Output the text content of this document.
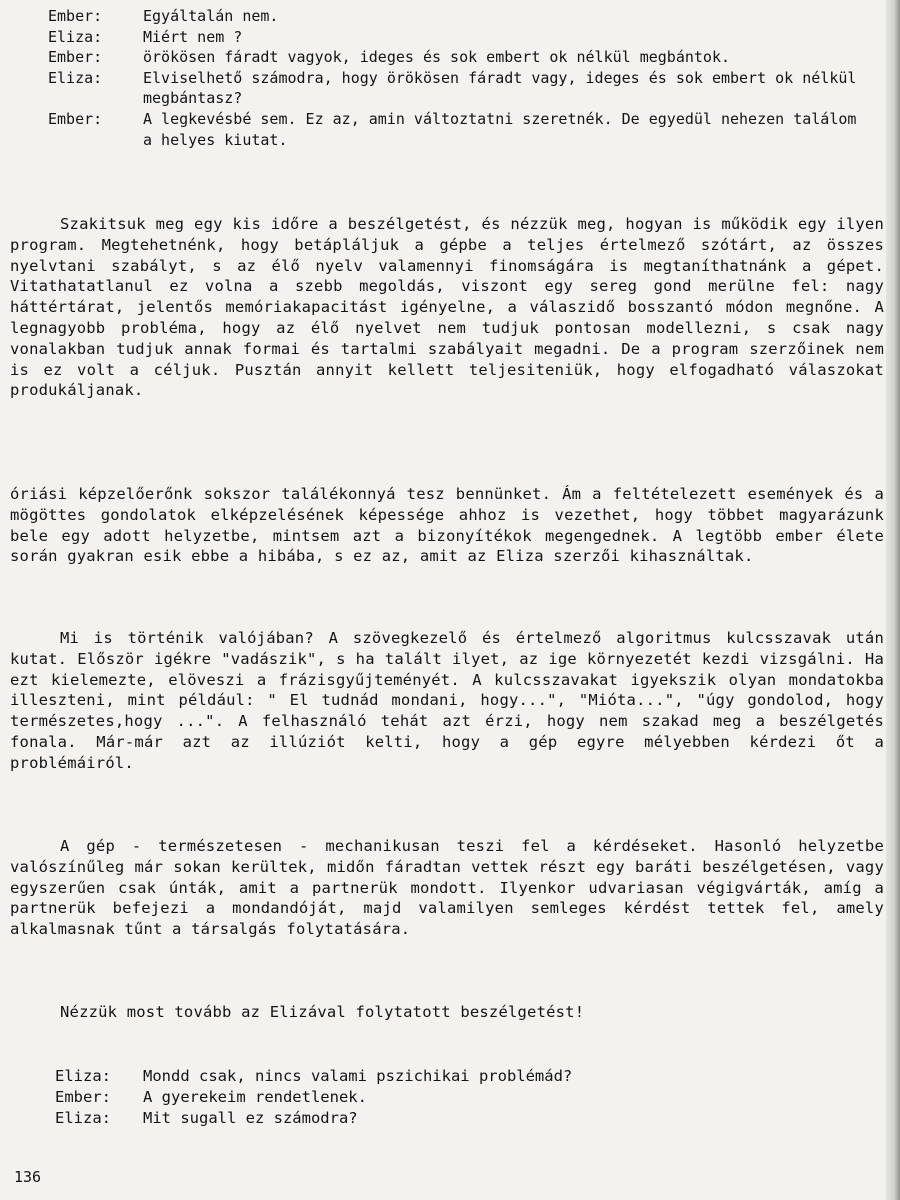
Ember:	Egyáltalán nem.
Eliza:	Miért nem ?
Ember:	örökösen fáradt vagyok, ideges és sok embert ok nélkül megbántok.
Eliza:	Elviselhető számodra, hogy örökösen fáradt vagy, ideges és sok embert ok nélkül megbántasz?
Ember:	A legkevésbé sem. Ez az, amin változtatni szeretnék. De egyedül nehezen találom a helyes kiutat.

Szakitsuk meg egy kis időre a beszélgetést, és nézzük meg, hogyan is működik egy ilyen program. Megtehetnénk, hogy betápláljuk a gépbe a teljes értelmező szótárt, az összes nyelvtani szabályt, s az élő nyelv valamennyi finomságára is megtaníthatnánk a gépet. Vitathatatlanul ez volna a szebb megoldás, viszont egy sereg gond merülne fel: nagy háttértárat, jelentős memóriakapacitást igényelne, a válaszidő bosszantó módon megnőne. A legnagyobb probléma, hogy az élő nyelvet nem tudjuk pontosan modellezni, s csak nagy vonalakban tudjuk annak formai és tartalmi szabályait megadni. De a program szerzőinek nem is ez volt a céljuk. Pusztán annyit kellett teljesiteniük, hogy elfogadható válaszokat produkáljanak.

óriási képzelőerőnk sokszor találékonnyá tesz bennünket. Ám a feltételezett események és a mögöttes gondolatok elképzelésének képessége ahhoz is vezethet, hogy többet magyarázunk bele egy adott helyzetbe, mintsem azt a bizonyítékok megengednek. A legtöbb ember élete során gyakran esik ebbe a hibába, s ez az, amit az Eliza szerzői kihasználtak.

Mi is történik valójában? A szövegkezelő és értelmező algoritmus kulcsszavak után kutat. Először igékre "vadászik", s ha talált ilyet, az ige környezetét kezdi vizsgálni. Ha ezt kielemezte, elöveszi a frázisgyűjteményét. A kulcsszavakat igyekszik olyan mondatokba illeszteni, mint például: " El tudnád mondani, hogy...", "Mióta...", "úgy gondolod, hogy természetes,hogy ...". A felhasználó tehát azt érzi, hogy nem szakad meg a beszélgetés fonala. Már-már azt az illúziót kelti, hogy a gép egyre mélyebben kérdezi őt a problémáiról.

A gép - természetesen - mechanikusan teszi fel a kérdéseket. Hasonló helyzetbe valószínűleg már sokan kerültek, midőn fáradtan vettek részt egy baráti beszélgetésen, vagy egyszerűen csak únták, amit a partnerük mondott. Ilyenkor udvariasan végigvárták, amíg a partnerük befejezi a mondandóját, majd valamilyen semleges kérdést tettek fel, amely alkalmasnak tűnt a társalgás folytatására.

Nézzük most tovább az Elizával folytatott beszélgetést!

Eliza:	Mondd csak, nincs valami pszichikai problémád?
Ember:	A gyerekeim rendetlenek.
Eliza:	Mit sugall ez számodra?
136
